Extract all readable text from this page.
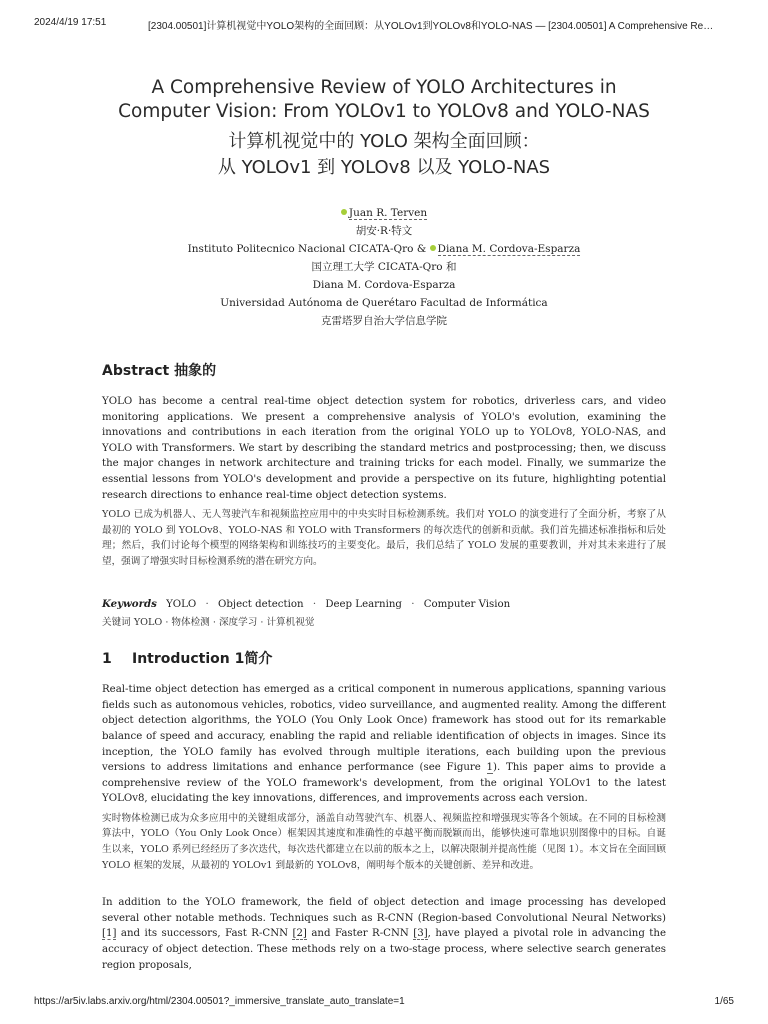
2024/4/19 17:51	[2304.00501]计算机视觉中YOLO架构的全面回顾：从YOLOv1到YOLOv8和YOLO-NAS — [2304.00501] A Comprehensive Re…
A Comprehensive Review of YOLO Architectures in
Computer Vision: From YOLOv1 to YOLOv8 and YOLO-NAS
计算机视觉中的 YOLO 架构全面回顾：
从 YOLOv1 到 YOLOv8 以及 YOLO-NAS
Juan R. Terven
胡安·R·特文
Instituto Politecnico Nacional CICATA-Qro & Diana M. Cordova-Esparza
国立理工大学 CICATA-Qro 和
Diana M. Cordova-Esparza
Universidad Autónoma de Querétaro Facultad de Informática
克雷塔罗自治大学信息学院
Abstract 抽象的

YOLO has become a central real-time object detection system for robotics, driverless cars, and video monitoring applications. We present a comprehensive analysis of YOLO's evolution, examining the innovations and contributions in each iteration from the original YOLO up to YOLOv8, YOLO-NAS, and YOLO with Transformers. We start by describing the standard metrics and postprocessing; then, we discuss the major changes in network architecture and training tricks for each model. Finally, we summarize the essential lessons from YOLO's development and provide a perspective on its future, highlighting potential research directions to enhance real-time object detection systems.

YOLO 已成为机器人、无人驾驶汽车和视频监控应用中的中央实时目标检测系统。我们对 YOLO 的演变进行了全面分析，考察了从最初的 YOLO 到 YOLOv8、YOLO-NAS 和 YOLO with Transformers 的每次迭代的创新和贡献。我们首先描述标准指标和后处理；然后，我们讨论每个模型的网络架构和训练技巧的主要变化。最后，我们总结了 YOLO 发展的重要教训，并对其未来进行了展望，强调了增强实时目标检测系统的潜在研究方向。

Keywords YOLO · Object detection · Deep Learning · Computer Vision
关键词 YOLO · 物体检测 · 深度学习 · 计算机视觉
1 Introduction 1简介

Real-time object detection has emerged as a critical component in numerous applications, spanning various fields such as autonomous vehicles, robotics, video surveillance, and augmented reality. Among the different object detection algorithms, the YOLO (You Only Look Once) framework has stood out for its remarkable balance of speed and accuracy, enabling the rapid and reliable identification of objects in images. Since its inception, the YOLO family has evolved through multiple iterations, each building upon the previous versions to address limitations and enhance performance (see Figure 1). This paper aims to provide a comprehensive review of the YOLO framework's development, from the original YOLOv1 to the latest YOLOv8, elucidating the key innovations, differences, and improvements across each version.

实时物体检测已成为众多应用中的关键组成部分，涵盖自动驾驶汽车、机器人、视频监控和增强现实等各个领域。在不同的目标检测算法中，YOLO（You Only Look Once）框架因其速度和准确性的卓越平衡而脱颖而出，能够快速可靠地识别图像中的目标。自诞生以来，YOLO 系列已经经历了多次迭代，每次迭代都建立在以前的版本之上，以解决限制并提高性能（见图 1）。本文旨在全面回顾 YOLO 框架的发展，从最初的 YOLOv1 到最新的 YOLOv8，阐明每个版本的关键创新、差异和改进。

In addition to the YOLO framework, the field of object detection and image processing has developed several other notable methods. Techniques such as R-CNN (Region-based Convolutional Neural Networks) [1] and its successors, Fast R-CNN [2] and Faster R-CNN [3], have played a pivotal role in advancing the accuracy of object detection. These methods rely on a two-stage process, where selective search generates region proposals,

https://ar5iv.labs.arxiv.org/html/2304.00501?_immersive_translate_auto_translate=1	1/65
